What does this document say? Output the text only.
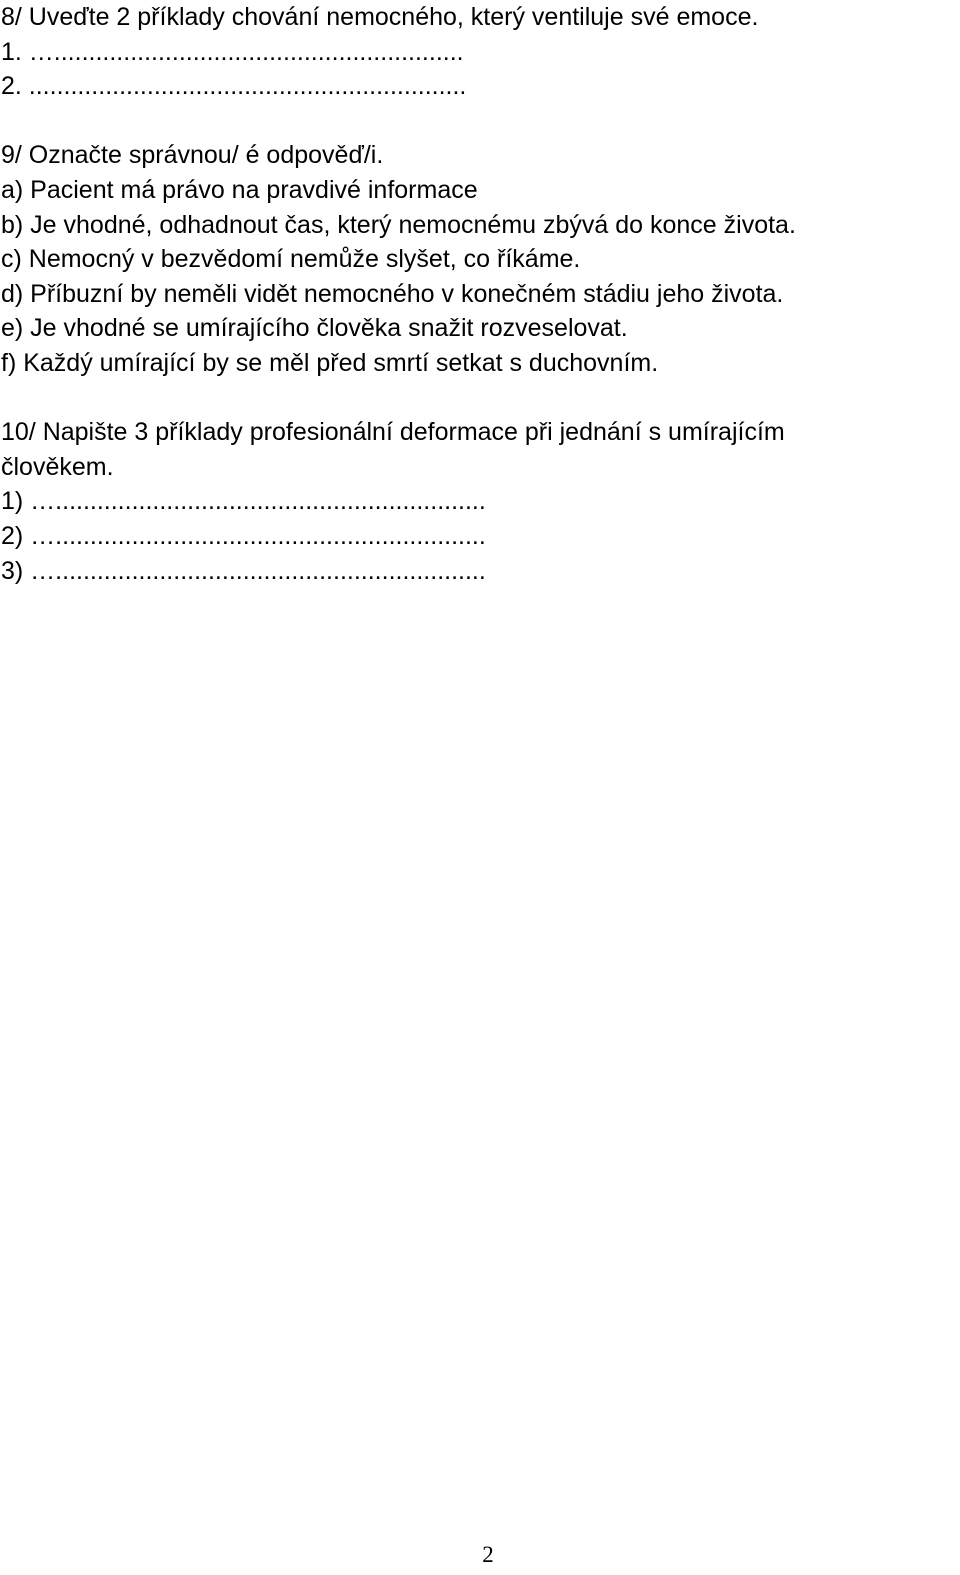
8/ Uveďte 2 příklady chování nemocného, který ventiluje své emoce.

1. …...........................................................

2. ...............................................................

9/ Označte správnou/ é odpověď/i.

a) Pacient má právo na pravdivé informace

b) Je vhodné, odhadnout čas, který nemocnému zbývá do konce života.

c) Nemocný v bezvědomí nemůže slyšet, co říkáme.

d) Příbuzní by neměli vidět nemocného v konečném stádiu jeho života.

e) Je vhodné se umírajícího člověka snažit rozveselovat.

f) Každý umírající by se měl před smrtí setkat s duchovním.

10/ Napište 3 příklady profesionální deformace při jednání s umírajícím

člověkem.

1) …..............................................................

2) …..............................................................

3) …..............................................................

2
